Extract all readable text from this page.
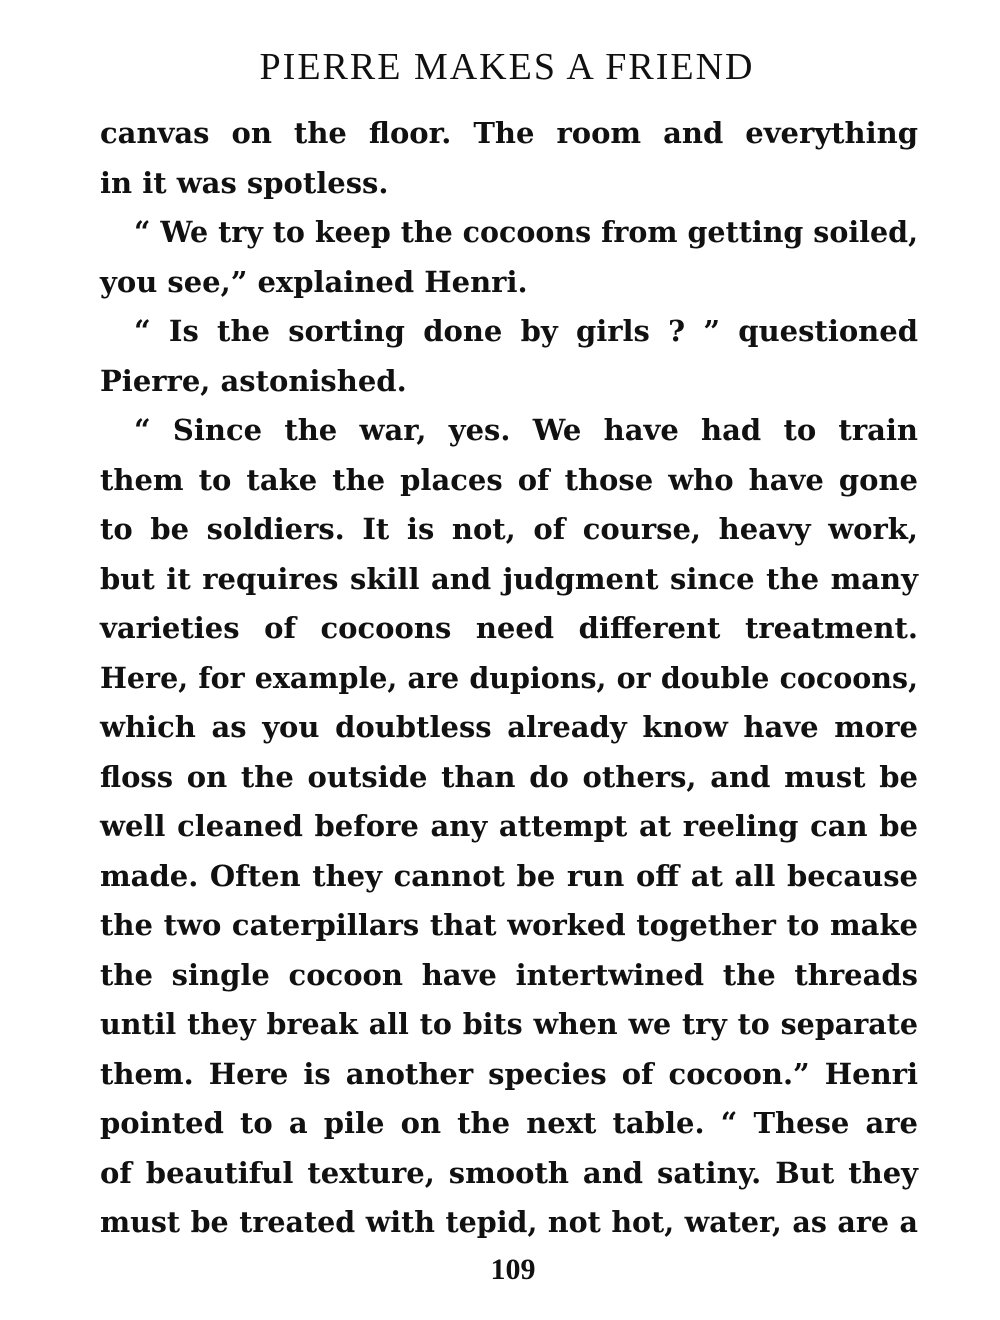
PIERRE MAKES A FRIEND
canvas on the floor. The room and everything
in it was spotless.
“ We try to keep the cocoons from getting soiled,
you see,” explained Henri.
“ Is the sorting done by girls ? ” questioned
Pierre, astonished.
“ Since the war, yes. We have had to train
them to take the places of those who have gone
to be soldiers. It is not, of course, heavy work,
but it requires skill and judgment since the many
varieties of cocoons need different treatment.
Here, for example, are dupions, or double cocoons,
which as you doubtless already know have more
floss on the outside than do others, and must be
well cleaned before any attempt at reeling can be
made. Often they cannot be run off at all because
the two caterpillars that worked together to make
the single cocoon have intertwined the threads
until they break all to bits when we try to separate
them. Here is another species of cocoon.” Henri
pointed to a pile on the next table. “ These are
of beautiful texture, smooth and satiny. But they
must be treated with tepid, not hot, water, as are a
109
